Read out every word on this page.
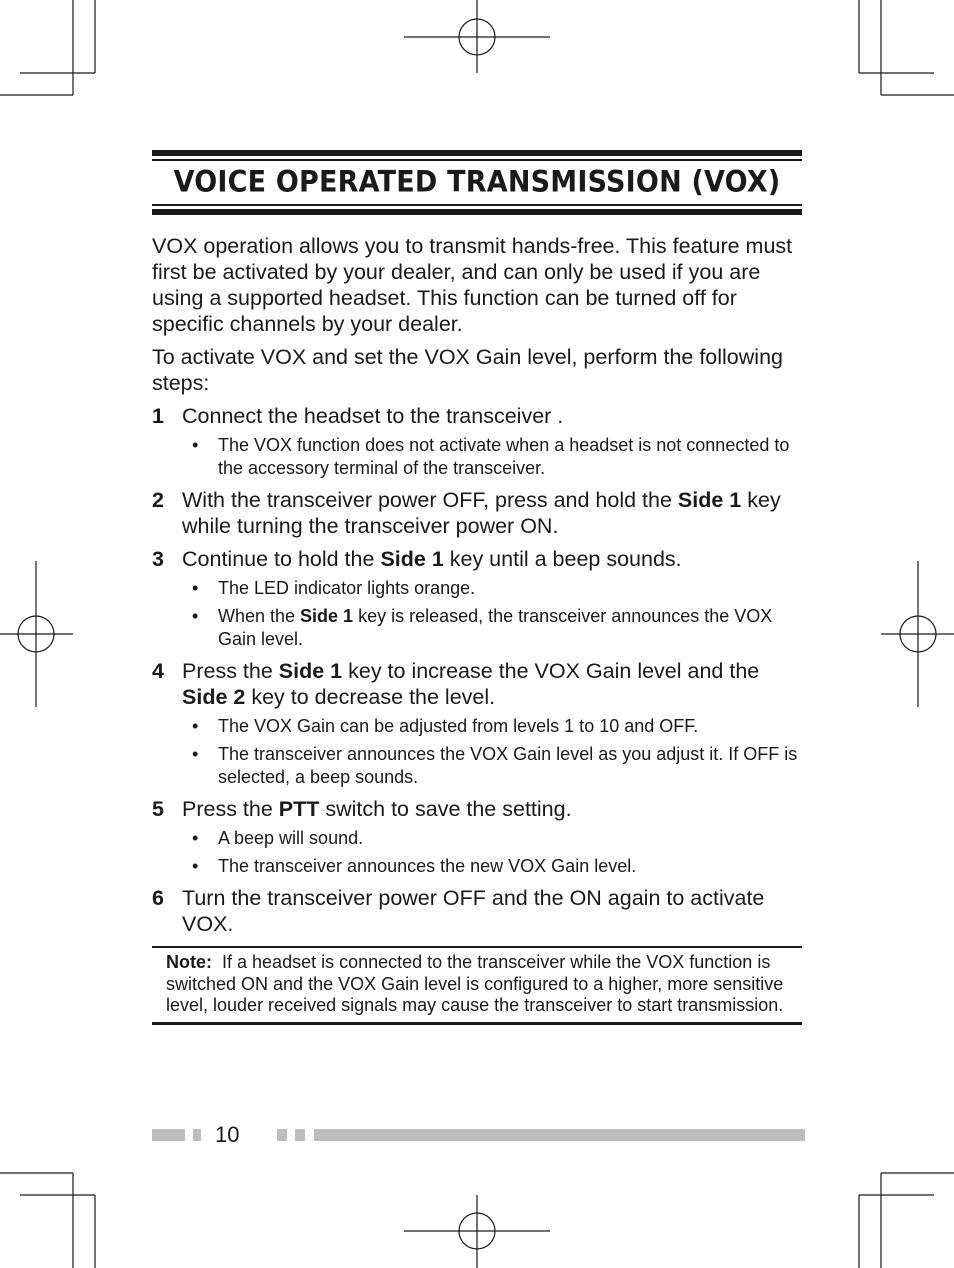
VOICE OPERATED TRANSMISSION (VOX)

VOX operation allows you to transmit hands-free. This feature must first be activated by your dealer, and can only be used if you are using a supported headset. This function can be turned off for specific channels by your dealer.

To activate VOX and set the VOX Gain level, perform the following steps:

1 Connect the headset to the transceiver .
• The VOX function does not activate when a headset is not connected to the accessory terminal of the transceiver.
2 With the transceiver power OFF, press and hold the Side 1 key while turning the transceiver power ON.
3 Continue to hold the Side 1 key until a beep sounds.
• The LED indicator lights orange.
• When the Side 1 key is released, the transceiver announces the VOX Gain level.
4 Press the Side 1 key to increase the VOX Gain level and the Side 2 key to decrease the level.
• The VOX Gain can be adjusted from levels 1 to 10 and OFF.
• The transceiver announces the VOX Gain level as you adjust it. If OFF is selected, a beep sounds.
5 Press the PTT switch to save the setting.
• A beep will sound.
• The transceiver announces the new VOX Gain level.
6 Turn the transceiver power OFF and the ON again to activate VOX.
Note: If a headset is connected to the transceiver while the VOX function is switched ON and the VOX Gain level is configured to a higher, more sensitive level, louder received signals may cause the transceiver to start transmission.
10
